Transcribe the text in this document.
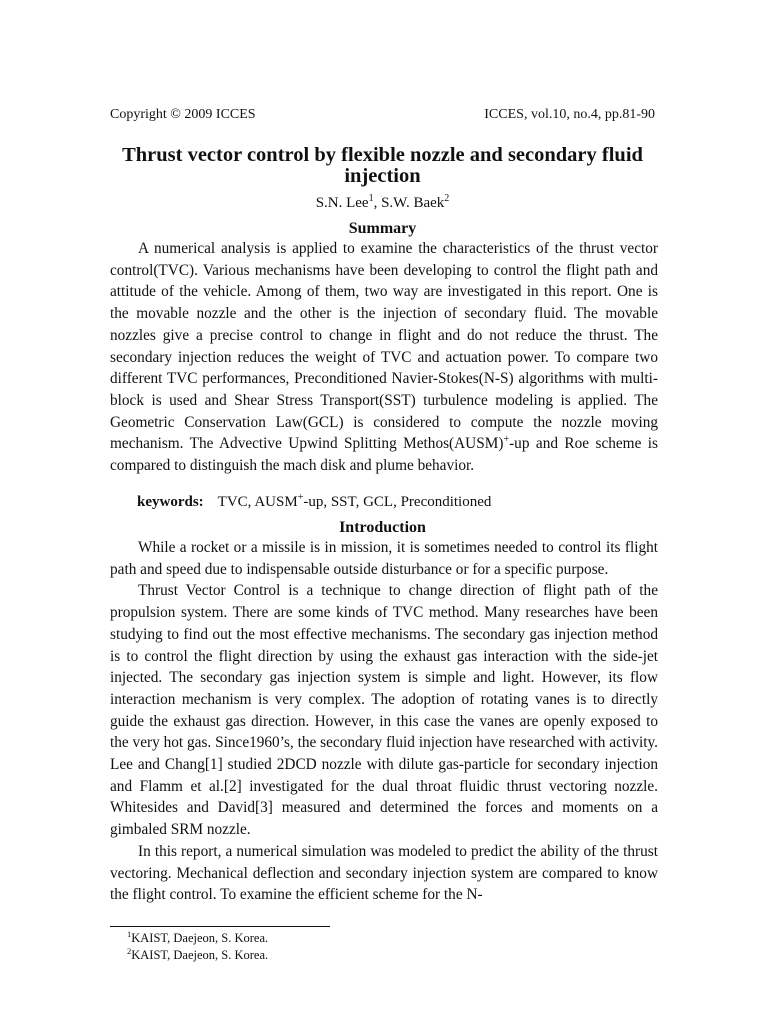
Copyright © 2009 ICCES	ICCES, vol.10, no.4, pp.81-90
Thrust vector control by flexible nozzle and secondary fluid injection
S.N. Lee$^1$, S.W. Baek$^2$
Summary

A numerical analysis is applied to examine the characteristics of the thrust vector control(TVC). Various mechanisms have been developing to control the flight path and attitude of the vehicle. Among of them, two way are investigated in this report. One is the movable nozzle and the other is the injection of secondary fluid. The movable nozzles give a precise control to change in flight and do not reduce the thrust. The secondary injection reduces the weight of TVC and actuation power. To compare two different TVC performances, Preconditioned Navier-Stokes(N-S) algorithms with multi-block is used and Shear Stress Transport(SST) turbulence modeling is applied. The Geometric Conservation Law(GCL) is considered to compute the nozzle moving mechanism. The Advective Upwind Splitting Methos(AUSM)+-up and Roe scheme is compared to distinguish the mach disk and plume behavior.

keywords: TVC, AUSM+-up, SST, GCL, Preconditioned
Introduction

While a rocket or a missile is in mission, it is sometimes needed to control its flight path and speed due to indispensable outside disturbance or for a specific purpose.

Thrust Vector Control is a technique to change direction of flight path of the propulsion system. There are some kinds of TVC method. Many researches have been studying to find out the most effective mechanisms. The secondary gas injection method is to control the flight direction by using the exhaust gas interaction with the side-jet injected. The secondary gas injection system is simple and light. However, its flow interaction mechanism is very complex. The adoption of rotating vanes is to directly guide the exhaust gas direction. However, in this case the vanes are openly exposed to the very hot gas. Since1960’s, the secondary fluid injection have researched with activity. Lee and Chang[1] studied 2DCD nozzle with dilute gas-particle for secondary injection and Flamm et al.[2] investigated for the dual throat fluidic thrust vectoring nozzle. Whitesides and David[3] measured and determined the forces and moments on a gimbaled SRM nozzle.

In this report, a numerical simulation was modeled to predict the ability of the thrust vectoring. Mechanical deflection and secondary injection system are compared to know the flight control. To examine the efficient scheme for the N-

$^1$KAIST, Daejeon, S. Korea.
$^2$KAIST, Daejeon, S. Korea.
